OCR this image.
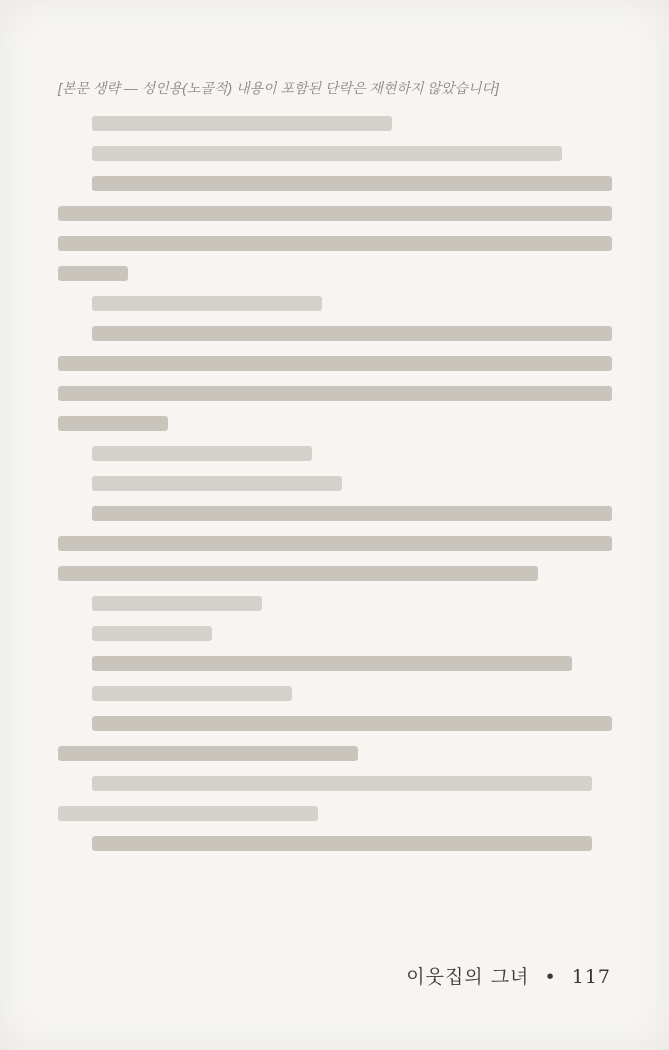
[본문 생략 — 성인용(노골적) 내용이 포함된 단락은 재현하지 않았습니다]
이웃집의 그녀 • 117
